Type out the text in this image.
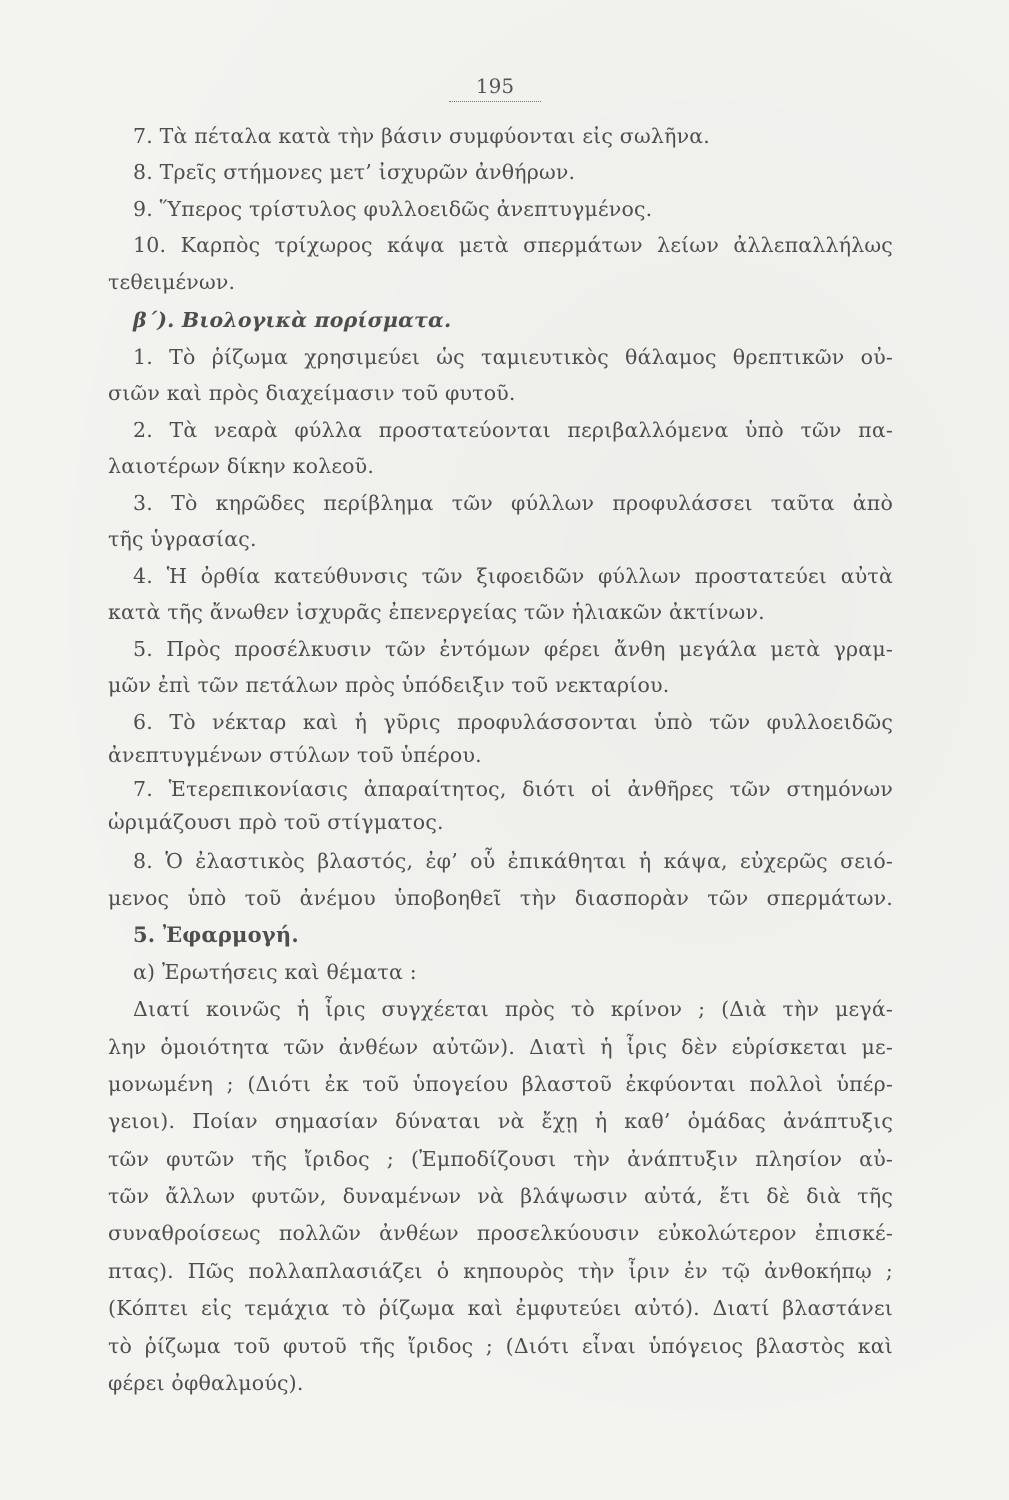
195
7. Τὰ πέταλα κατὰ τὴν βάσιν συμφύονται εἰς σωλῆνα.
8. Τρεῖς στήμονες μετ’ ἰσχυρῶν ἀνθήρων.
9. Ὕπερος τρίστυλος φυλλοειδῶς ἀνεπτυγμένος.
10. Καρπὸς τρίχωρος κάψα μετὰ σπερμάτων λείων ἀλλεπαλλήλως
τεθειμένων.
β΄). Βιολογικὰ πορίσματα.
1. Τὸ ῥίζωμα χρησιμεύει ὡς ταμιευτικὸς θάλαμος θρεπτικῶν οὐ-
σιῶν καὶ πρὸς διαχείμασιν τοῦ φυτοῦ.
2. Τὰ νεαρὰ φύλλα προστατεύονται περιβαλλόμενα ὑπὸ τῶν πα-
λαιοτέρων δίκην κολεοῦ.
3. Τὸ κηρῶδες περίβλημα τῶν φύλλων προφυλάσσει ταῦτα ἀπὸ
τῆς ὑγρασίας.
4. Ἡ ὀρθία κατεύθυνσις τῶν ξιφοειδῶν φύλλων προστατεύει αὐτὰ
κατὰ τῆς ἄνωθεν ἰσχυρᾶς ἐπενεργείας τῶν ἡλιακῶν ἀκτίνων.
5. Πρὸς προσέλκυσιν τῶν ἐντόμων φέρει ἄνθη μεγάλα μετὰ γραμ-
μῶν ἐπὶ τῶν πετάλων πρὸς ὑπόδειξιν τοῦ νεκταρίου.
6. Τὸ νέκταρ καὶ ἡ γῦρις προφυλάσσονται ὑπὸ τῶν φυλλοειδῶς
ἀνεπτυγμένων στύλων τοῦ ὑπέρου.
7. Ἑτερεπικονίασις ἀπαραίτητος, διότι οἱ ἀνθῆρες τῶν στημόνων
ὡριμάζουσι πρὸ τοῦ στίγματος.
8. Ὁ ἐλαστικὸς βλαστός, ἐφ’ οὗ ἐπικάθηται ἡ κάψα, εὐχερῶς σειό-
μενος ὑπὸ τοῦ ἀνέμου ὑποβοηθεῖ τὴν διασπορὰν τῶν σπερμάτων.
5. Ἐφαρμογή.
α) Ἐρωτήσεις καὶ θέματα :
Διατί κοινῶς ἡ ἶρις συγχέεται πρὸς τὸ κρίνον ; (Διὰ τὴν μεγά-
λην ὁμοιότητα τῶν ἀνθέων αὐτῶν). Διατὶ ἡ ἶρις δὲν εὑρίσκεται με-
μονωμένη ; (Διότι ἐκ τοῦ ὑπογείου βλαστοῦ ἐκφύονται πολλοὶ ὑπέρ-
γειοι). Ποίαν σημασίαν δύναται νὰ ἔχῃ ἡ καθ’ ὁμάδας ἀνάπτυξις
τῶν φυτῶν τῆς ἴριδος ; (Ἐμποδίζουσι τὴν ἀνάπτυξιν πλησίον αὐ-
τῶν ἄλλων φυτῶν, δυναμένων νὰ βλάψωσιν αὐτά, ἔτι δὲ διὰ τῆς
συναθροίσεως πολλῶν ἀνθέων προσελκύουσιν εὐκολώτερον ἐπισκέ-
πτας). Πῶς πολλαπλασιάζει ὁ κηπουρὸς τὴν ἶριν ἐν τῷ ἀνθοκήπῳ ;
(Κόπτει εἰς τεμάχια τὸ ῥίζωμα καὶ ἐμφυτεύει αὐτό). Διατί βλαστάνει
τὸ ῥίζωμα τοῦ φυτοῦ τῆς ἴριδος ; (Διότι εἶναι ὑπόγειος βλαστὸς καὶ
φέρει ὀφθαλμούς).
